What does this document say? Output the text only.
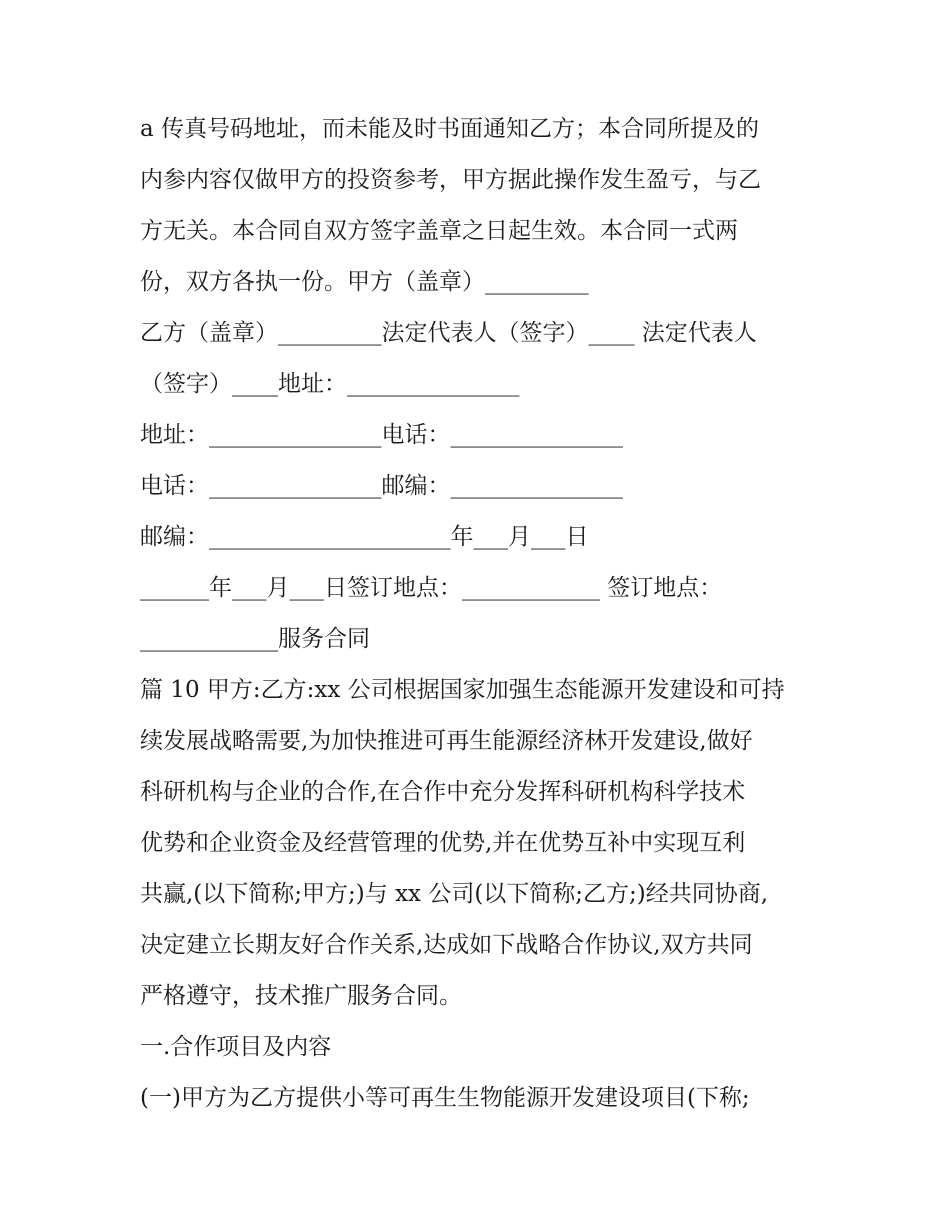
a 传真号码地址，而未能及时书面通知乙方；本合同所提及的
内参内容仅做甲方的投资参考，甲方据此操作发生盈亏，与乙
方无关。本合同自双方签字盖章之日起生效。本合同一式两
份，双方各执一份。甲方（盖章）_________
乙方（盖章）_________法定代表人（签字）____ 法定代表人
（签字）____地址：_______________
地址：_______________电话：_______________
电话：_______________邮编：_______________
邮编：_____________________年___月___日
______年___月___日签订地点：____________ 签订地点：
____________服务合同
篇 10 甲方:乙方:xx 公司根据国家加强生态能源开发建设和可持
续发展战略需要,为加快推进可再生能源经济林开发建设,做好
科研机构与企业的合作,在合作中充分发挥科研机构科学技术
优势和企业资金及经营管理的优势,并在优势互补中实现互利
共赢,(以下简称;甲方;)与 xx 公司(以下简称;乙方;)经共同协商,
决定建立长期友好合作关系,达成如下战略合作协议,双方共同
严格遵守，技术推广服务合同。
一.合作项目及内容
(一)甲方为乙方提供小等可再生生物能源开发建设项目(下称;
